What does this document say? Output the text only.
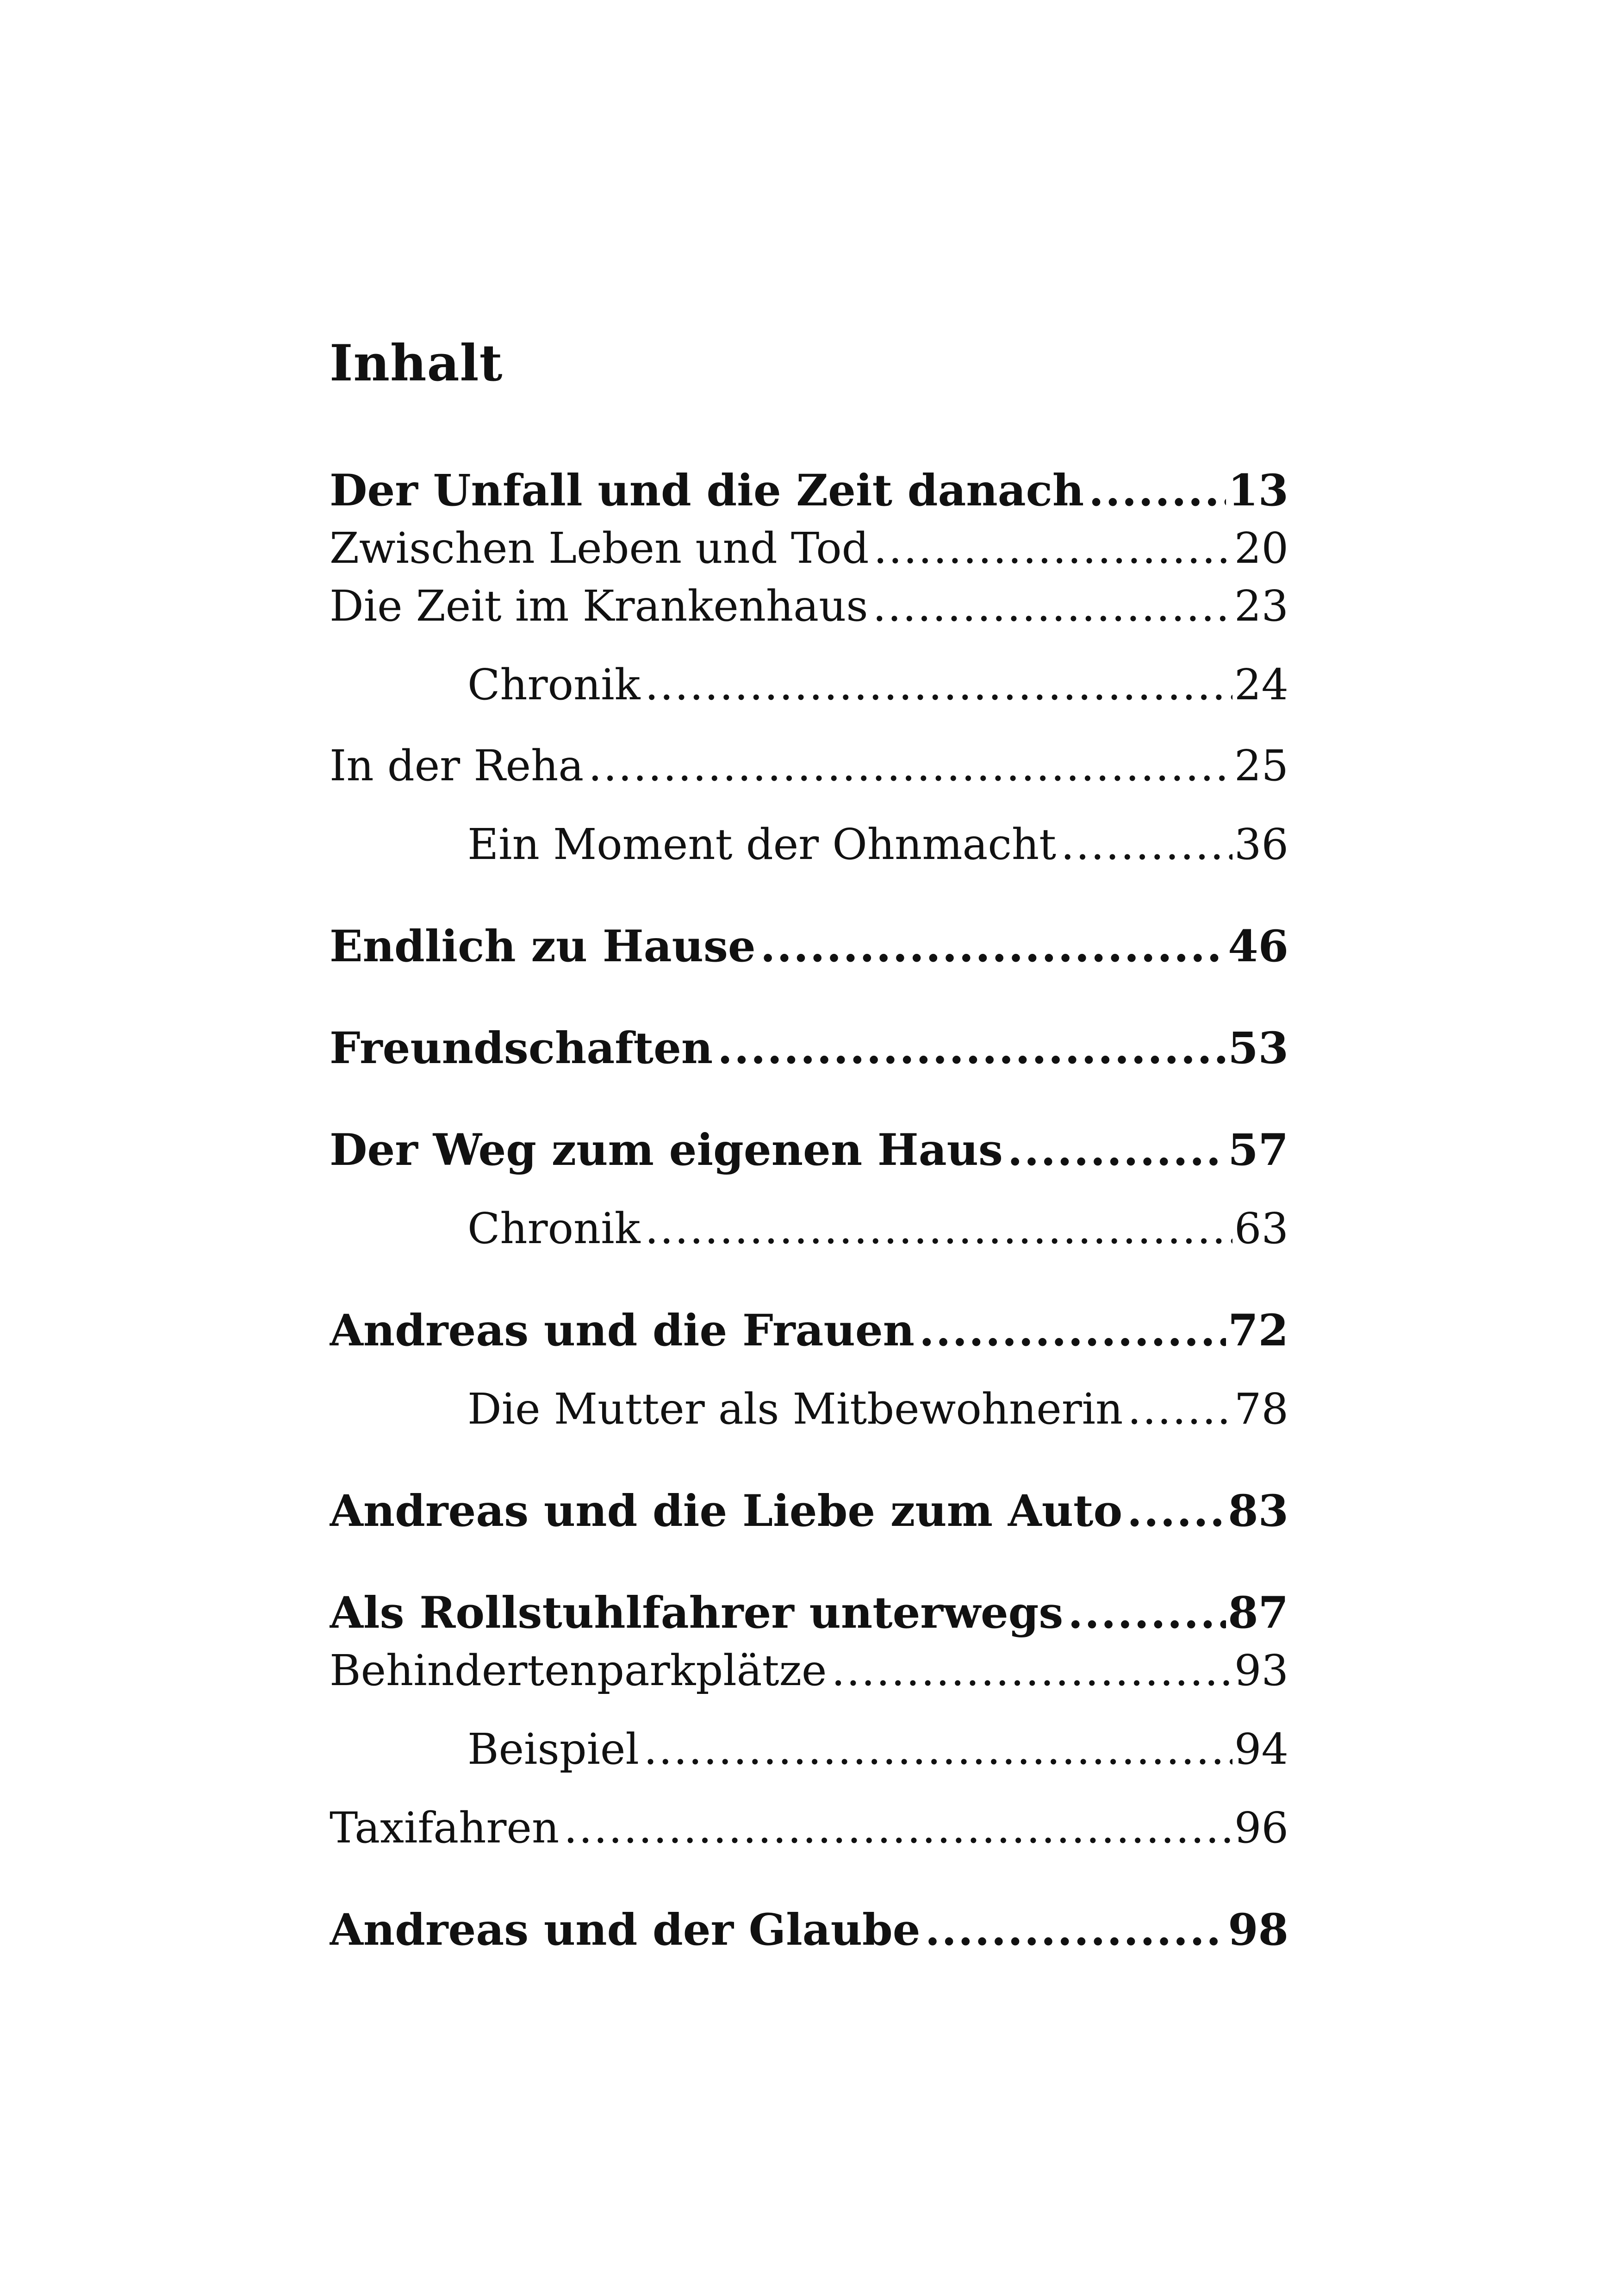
Inhalt
Der Unfall und die Zeit danach .....	13
Zwischen Leben und Tod .....	20
Die Zeit im Krankenhaus .....	23
Chronik .....	24
In der Reha .....	25
Ein Moment der Ohnmacht .....	36
Endlich zu Hause .....	46
Freundschaften .....	53
Der Weg zum eigenen Haus .....	57
Chronik .....	63
Andreas und die Frauen .....	72
Die Mutter als Mitbewohnerin .....	78
Andreas und die Liebe zum Auto ..... 83
Als Rollstuhlfahrer unterwegs .....	87
Behindertenparkplätze .....	93
Beispiel .....	94
Taxifahren .....	96
Andreas und der Glaube .....	98
